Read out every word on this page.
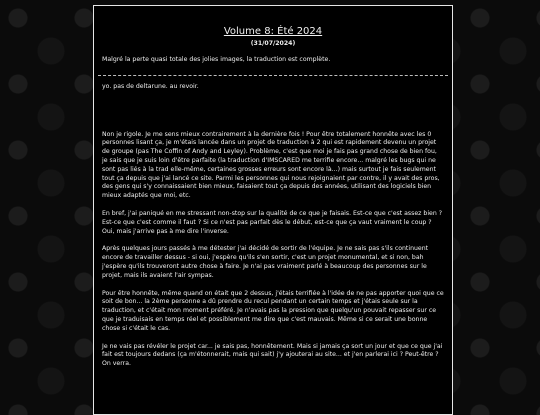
Volume 8: Été 2024
(31/07/2024)
Malgré la perte quasi totale des jolies images, la traduction est complète.

yo. pas de deltarune. au revoir.

Non je rigole. Je me sens mieux contrairement à la dernière fois ! Pour être totalement honnête avec les 0 personnes lisant ça, je m'étais lancée dans un projet de traduction à 2 qui est rapidement devenu un projet de groupe (pas The Coffin of Andy and Leyley). Problème, c'est que moi je fais pas grand chose de bien fou, je sais que je suis loin d'être parfaite (la traduction d'IMSCARED me terrifie encore... malgré les bugs qui ne sont pas liés à la trad elle-même, certaines grosses erreurs sont encore là...) mais surtout je fais seulement tout ça depuis que j'ai lancé ce site. Parmi les personnes qui nous rejoignaient par contre, il y avait des pros, des gens qui s'y connaissaient bien mieux, faisaient tout ça depuis des années, utilisant des logiciels bien mieux adaptés que moi, etc.

En bref, j'ai paniqué en me stressant non-stop sur la qualité de ce que je faisais. Est-ce que c'est assez bien ? Est-ce que c'est comme il faut ? Si ce n'est pas parfait dès le début, est-ce que ça vaut vraiment le coup ?
Oui, mais j'arrive pas à me dire l'inverse.

Après quelques jours passés à me détester j'ai décidé de sortir de l'équipe. Je ne sais pas s'ils continuent encore de travailler dessus - si oui, j'espère qu'ils s'en sortir, c'est un projet monumental, et si non, bah j'espère qu'ils trouveront autre chose à faire. Je n'ai pas vraiment parlé à beaucoup des personnes sur le projet, mais ils avaient l'air sympas.

Pour être honnête, même quand on était que 2 dessus, j'étais terrifiée à l'idée de ne pas apporter quoi que ce soit de bon... la 2ème personne a dû prendre du recul pendant un certain temps et j'étais seule sur la traduction, et c'était mon moment préféré. Je n'avais pas la pression que quelqu'un pouvait repasser sur ce que je traduisais en temps réel et possiblement me dire que c'est mauvais. Même si ce serait une bonne chose si c'était le cas.

Je ne vais pas révéler le projet car... je sais pas, honnêtement. Mais si jamais ça sort un jour et que ce que j'ai fait est toujours dedans (ça m'étonnerait, mais qui sait) j'y ajouterai au site... et j'en parlerai ici ? Peut-être ? On verra.
